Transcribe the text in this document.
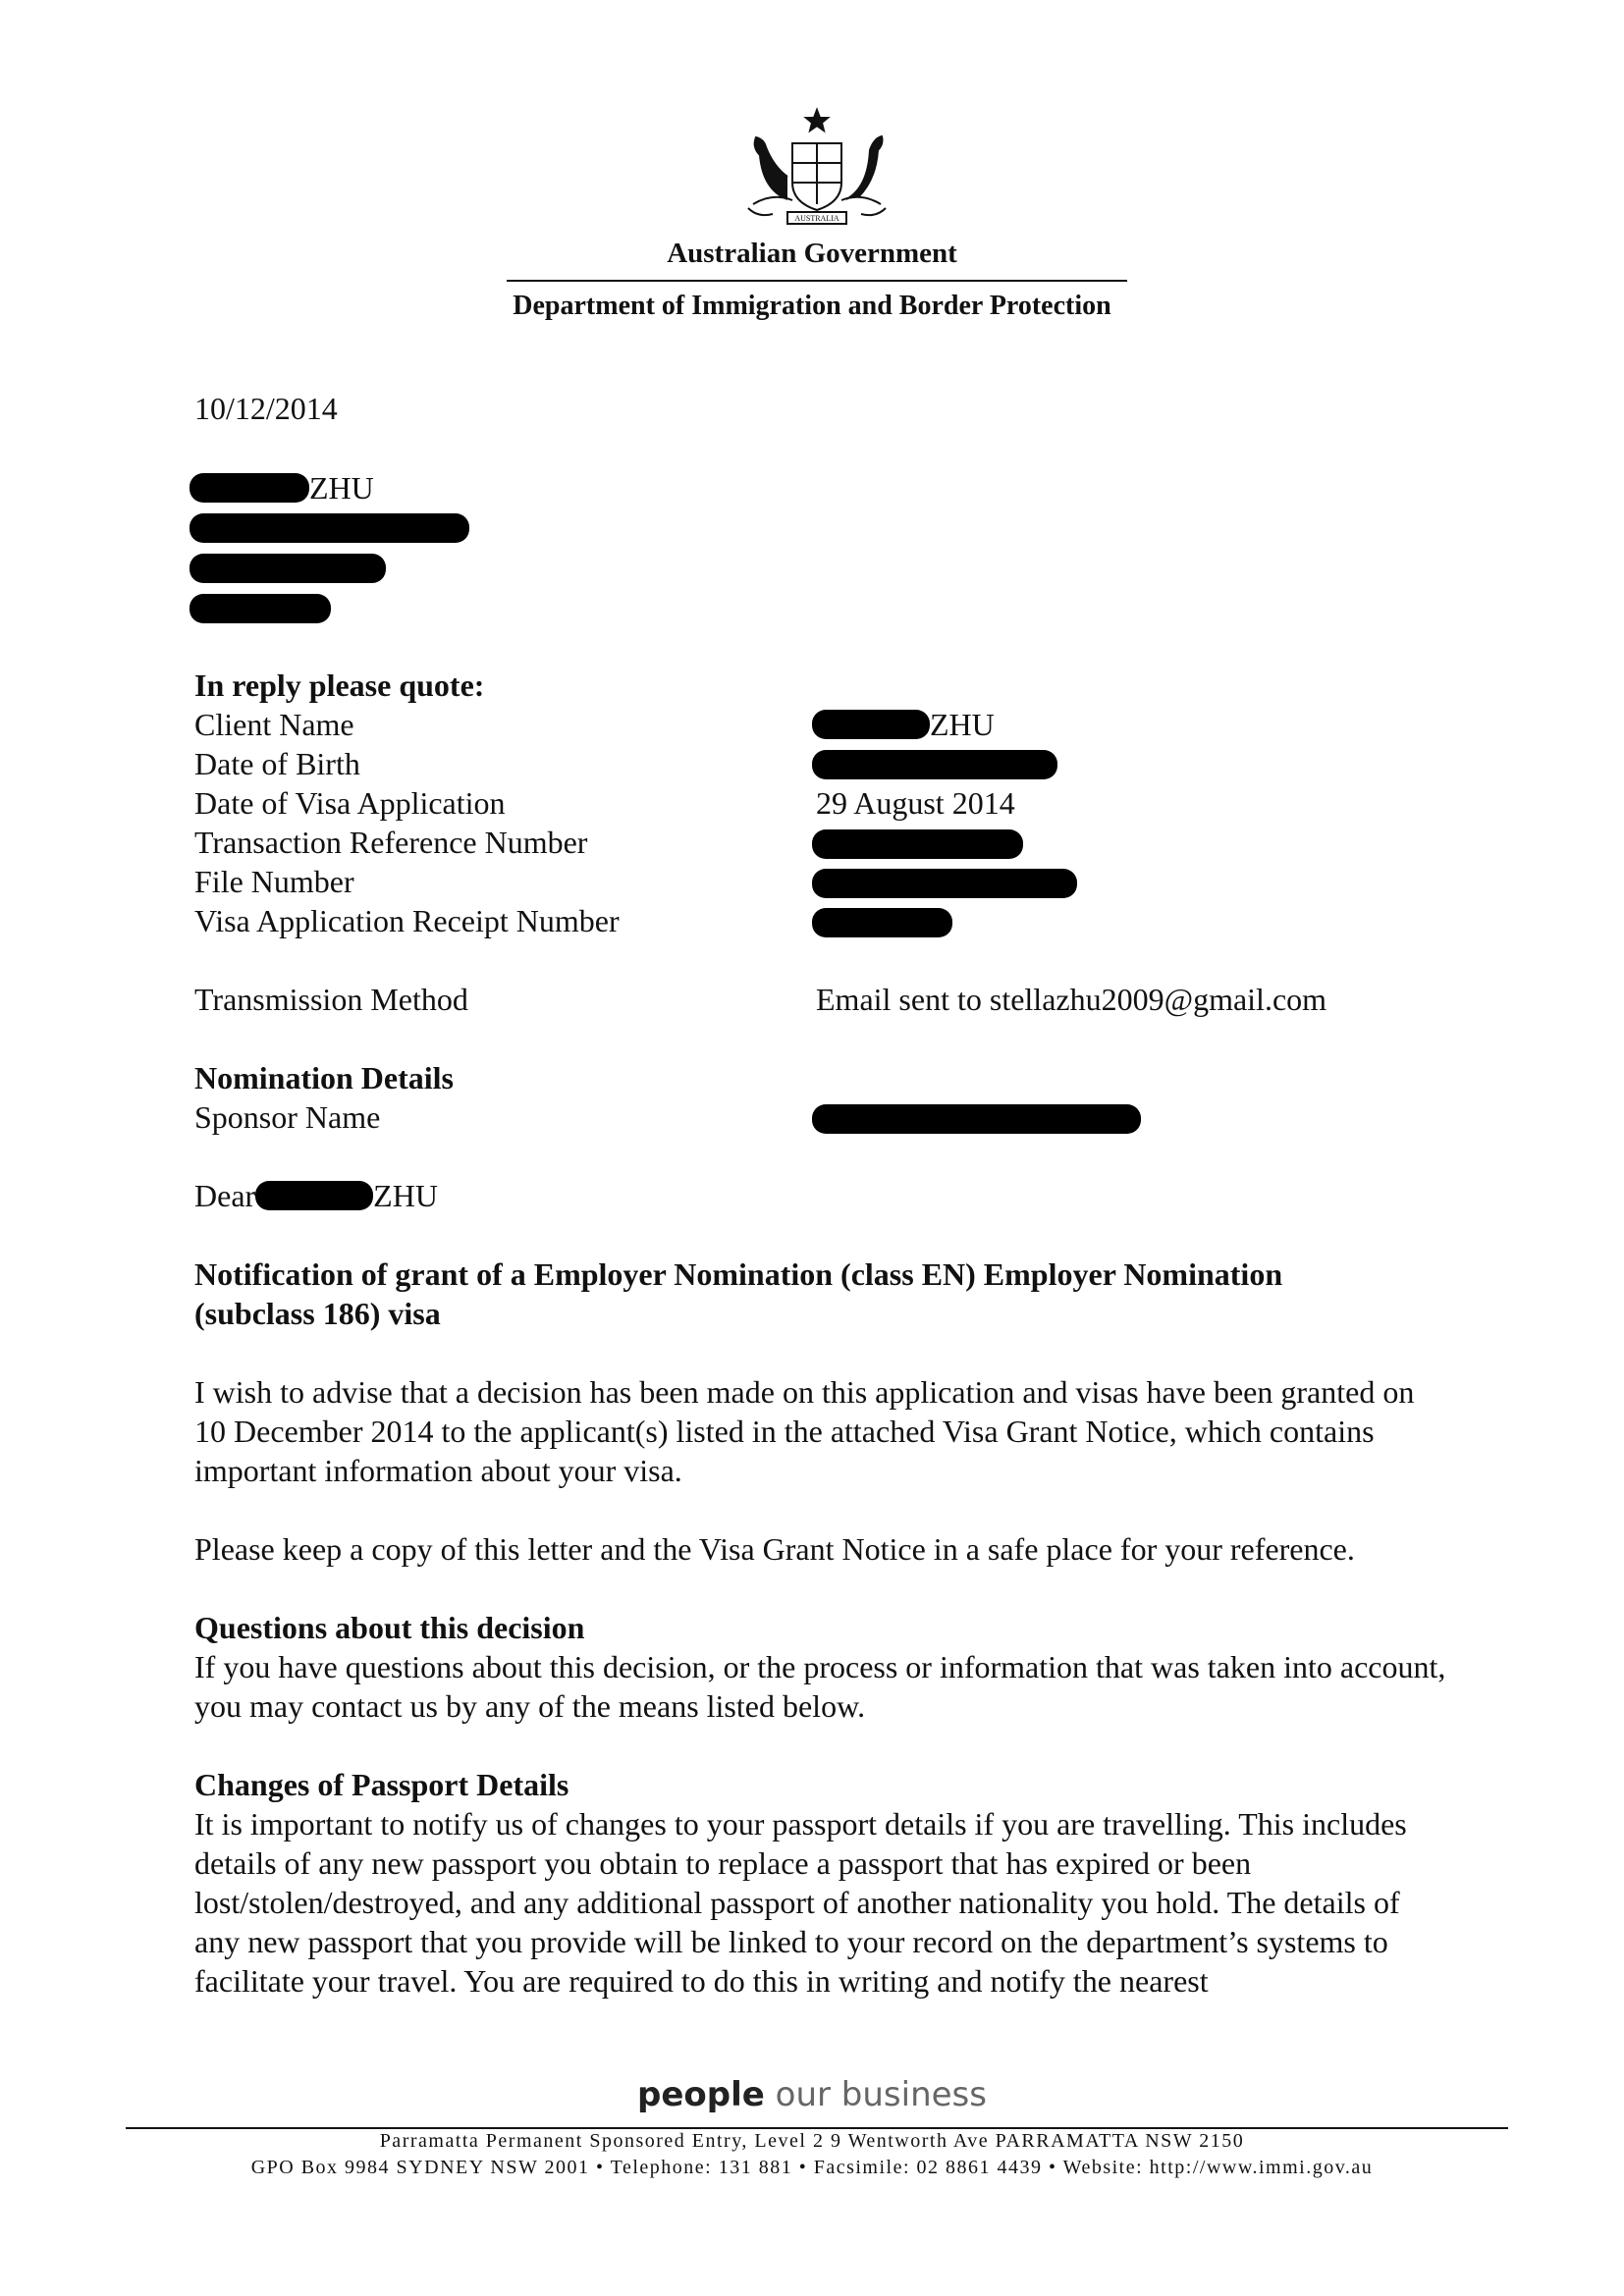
AUSTRALIA
Australian Government
Department of Immigration and Border Protection
10/12/2014
ZHU
In reply please quote:
Client Name	ZHU
Date of Birth
Date of Visa Application	29 August 2014
Transaction Reference Number
File Number
Visa Application Receipt Number
Transmission Method	Email sent to stellazhu2009@gmail.com
Nomination Details
Sponsor Name
Dear	ZHU
Notification of grant of a Employer Nomination (class EN) Employer Nomination
(subclass 186) visa
I wish to advise that a decision has been made on this application and visas have been granted on 10 December 2014 to the applicant(s) listed in the attached Visa Grant Notice, which contains important information about your visa.
Please keep a copy of this letter and the Visa Grant Notice in a safe place for your reference.
Questions about this decision
If you have questions about this decision, or the process or information that was taken into account, you may contact us by any of the means listed below.
Changes of Passport Details
It is important to notify us of changes to your passport details if you are travelling. This includes details of any new passport you obtain to replace a passport that has expired or been lost/stolen/destroyed, and any additional passport of another nationality you hold. The details of any new passport that you provide will be linked to your record on the department’s systems to facilitate your travel. You are required to do this in writing and notify the nearest
people our business
Parramatta Permanent Sponsored Entry, Level 2 9 Wentworth Ave PARRAMATTA NSW 2150
GPO Box 9984 SYDNEY NSW 2001 • Telephone: 131 881 • Facsimile: 02 8861 4439 • Website: http://www.immi.gov.au
